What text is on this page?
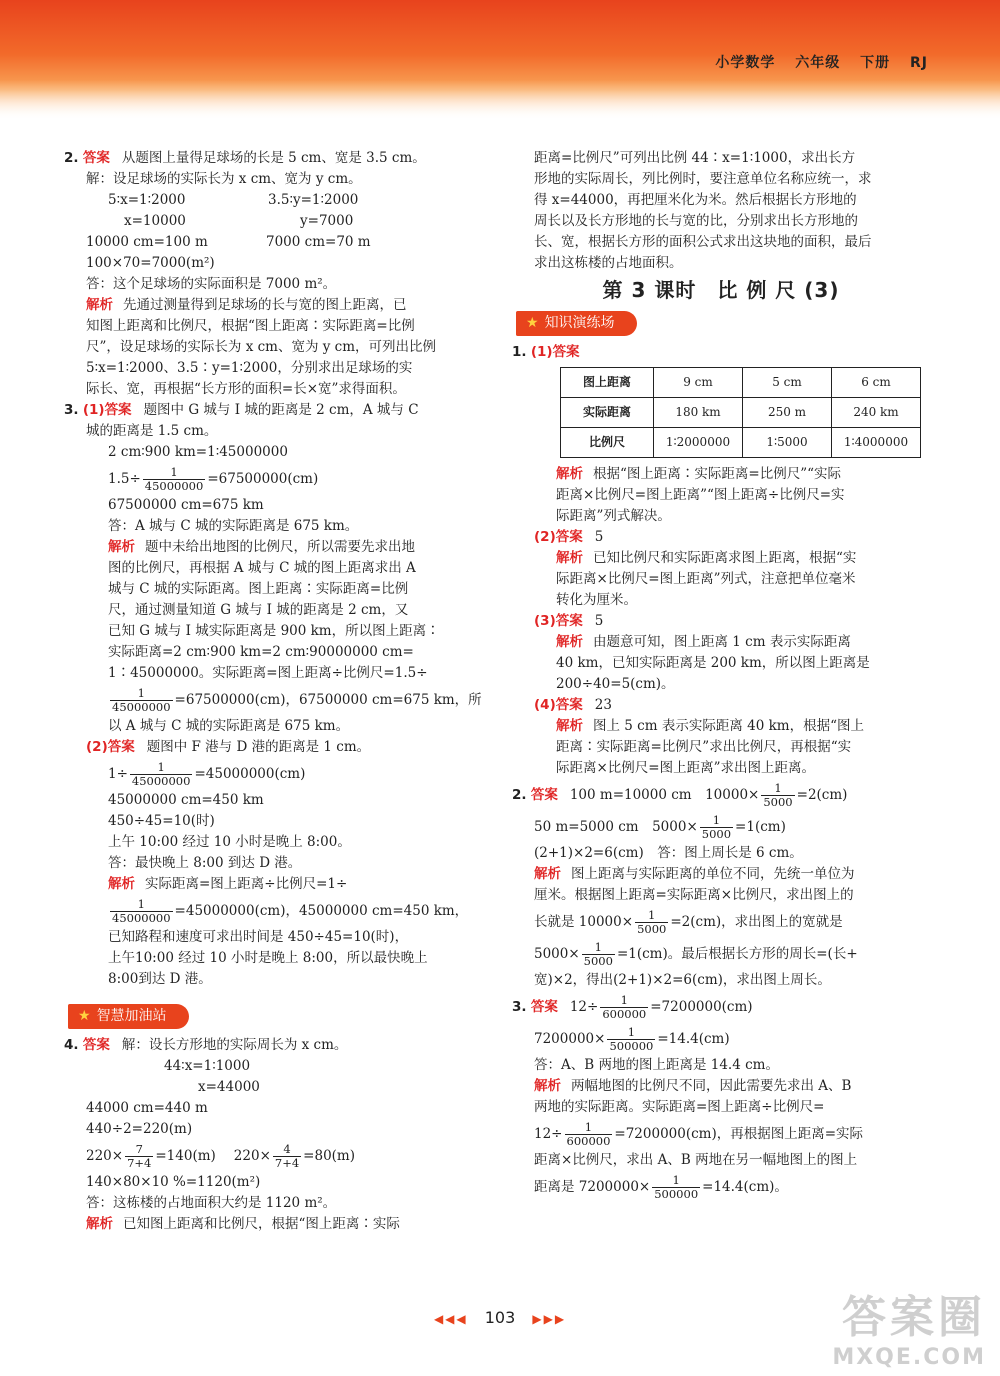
小学数学 六年级 下册 RJ

2. 答案 从题图上量得足球场的长是 5 cm、宽是 3.5 cm。

解：设足球场的实际长为 x cm、宽为 y cm。

5∶x=1∶2000	3.5∶y=1∶2000

x=10000	y=7000

10000 cm=100 m	7000 cm=70 m

100×70=7000(m²)

答：这个足球场的实际面积是 7000 m²。

解析 先通过测量得到足球场的长与宽的图上距离，已

知图上距离和比例尺，根据“图上距离∶实际距离=比例

尺”，设足球场的实际长为 x cm、宽为 y cm，可列出比例

5∶x=1∶2000、3.5∶y=1∶2000，分别求出足球场的实

际长、宽，再根据“长方形的面积=长×宽”求得面积。

3. (1)答案 题图中 G 城与 I 城的距离是 2 cm，A 城与 C

城的距离是 1.5 cm。

2 cm∶900 km=1∶45000000

$1.5\div \frac{1}{45000000} =67500000(cm)$

67500000 cm=675 km

答：A 城与 C 城的实际距离是 675 km。

解析 题中未给出地图的比例尺，所以需要先求出地

图的比例尺，再根据 A 城与 C 城的图上距离求出 A

城与 C 城的实际距离。图上距离∶实际距离=比例

尺，通过测量知道 G 城与 I 城的距离是 2 cm，又

已知 G 城与 I 城实际距离是 900 km，所以图上距离∶

实际距离=2 cm∶900 km=2 cm∶90000000 cm=

1∶45000000。实际距离=图上距离÷比例尺=1.5÷

$\frac{1}{45000000} =67500000(cm)$，67500000 cm=675 km，所

以 A 城与 C 城的实际距离是 675 km。

(2)答案 题图中 F 港与 D 港的距离是 1 cm。

$1\div \frac{1}{45000000} =45000000(cm)$

45000000 cm=450 km

450÷45=10(时)

上午 10:00 经过 10 小时是晚上 8:00。

答：最快晚上 8:00 到达 D 港。

解析 实际距离=图上距离÷比例尺=1÷

$\frac{1}{45000000} =45000000(cm)$，45000000 cm=450 km，

已知路程和速度可求出时间是 450÷45=10(时)，

上午10:00 经过 10 小时是晚上 8:00，所以最快晚上

8:00到达 D 港。

★ 智慧加油站

4. 答案 解：设长方形地的实际周长为 x cm。

44∶x=1∶1000

x=44000

44000 cm=440 m

440÷2=220(m)

$220\times \frac{7}{7+4} =140(m)$ $220\times \frac{4}{7+4} =80(m)$

140×80×10 %=1120(m²)

答：这栋楼的占地面积大约是 1120 m²。

解析 已知图上距离和比例尺，根据“图上距离∶实际

距离=比例尺”可列出比例 44∶x=1∶1000，求出长方

形地的实际周长，列比例时，要注意单位名称应统一，求

得 x=44000，再把厘米化为米。然后根据长方形地的

周长以及长方形地的长与宽的比，分别求出长方形地的

长、宽，根据长方形的面积公式求出这块地的面积，最后

求出这栋楼的占地面积。

第 3 课时　比 例 尺 (3)
★ 知识演练场

1. (1)答案

图上距离	9 cm	5 cm	6 cm
实际距离	180 km	250 m	240 km
比例尺	1∶2000000	1∶5000	1∶4000000

解析 根据“图上距离∶实际距离=比例尺”“实际

距离×比例尺=图上距离”“图上距离÷比例尺=实

际距离”列式解决。

(2)答案 5

解析 已知比例尺和实际距离求图上距离，根据“实

际距离×比例尺=图上距离”列式，注意把单位毫米

转化为厘米。

(3)答案 5

解析 由题意可知，图上距离 1 cm 表示实际距离

40 km，已知实际距离是 200 km，所以图上距离是

200÷40=5(cm)。

(4)答案 23

解析 图上 5 cm 表示实际距离 40 km，根据“图上

距离∶实际距离=比例尺”求出比例尺，再根据“实

际距离×比例尺=图上距离”求出图上距离。

2. 答案 100 m=10000 cm　$10000\times \frac{1}{5000} =2(cm)$

50 m=5000 cm　$5000\times \frac{1}{5000} =1(cm)$

(2+1)×2=6(cm)　答：图上周长是 6 cm。

解析 图上距离与实际距离的单位不同，先统一单位为

厘米。根据图上距离=实际距离×比例尺，求出图上的

长就是 $10000\times \frac{1}{5000} =2(cm)$，求出图上的宽就是

$5000\times \frac{1}{5000} =1(cm)$。最后根据长方形的周长=(长+

宽)×2，得出(2+1)×2=6(cm)，求出图上周长。

3. 答案 $12\div \frac{1}{600000} =7200000(cm)$

$7200000\times \frac{1}{500000} =14.4(cm)$

答：A、B 两地的图上距离是 14.4 cm。

解析 两幅地图的比例尺不同，因此需要先求出 A、B

两地的实际距离。实际距离=图上距离÷比例尺=

$12\div \frac{1}{600000} =7200000(cm)$，再根据图上距离=实际

距离×比例尺，求出 A、B 两地在另一幅地图上的图上

距离是 $7200000\times \frac{1}{500000} =14.4(cm)$。

◀◀◀ 103 ▶▶▶	答案圈
MXQE.COM
